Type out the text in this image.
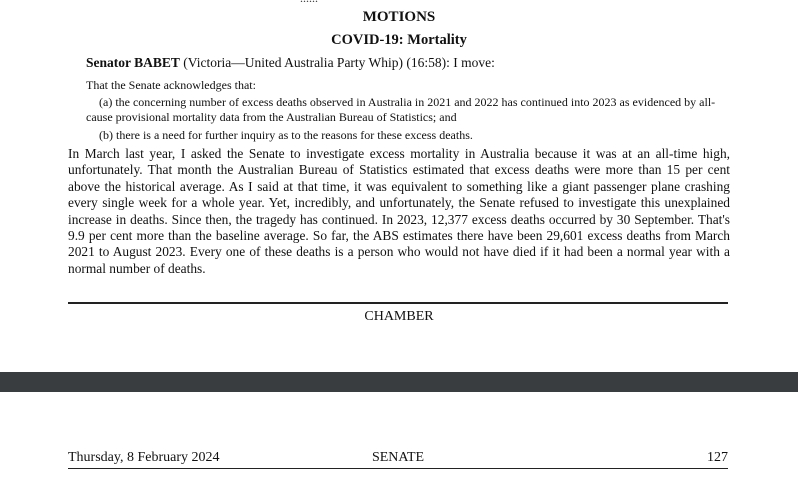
MOTIONS
COVID-19: Mortality
Senator BABET (Victoria—United Australia Party Whip) (16:58): I move:
That the Senate acknowledges that:
(a) the concerning number of excess deaths observed in Australia in 2021 and 2022 has continued into 2023 as evidenced by all-cause provisional mortality data from the Australian Bureau of Statistics; and
(b) there is a need for further inquiry as to the reasons for these excess deaths.
In March last year, I asked the Senate to investigate excess mortality in Australia because it was at an all-time high, unfortunately. That month the Australian Bureau of Statistics estimated that excess deaths were more than 15 per cent above the historical average. As I said at that time, it was equivalent to something like a giant passenger plane crashing every single week for a whole year. Yet, incredibly, and unfortunately, the Senate refused to investigate this unexplained increase in deaths. Since then, the tragedy has continued. In 2023, 12,377 excess deaths occurred by 30 September. That's 9.9 per cent more than the baseline average. So far, the ABS estimates there have been 29,601 excess deaths from March 2021 to August 2023. Every one of these deaths is a person who would not have died if it had been a normal year with a normal number of deaths.
CHAMBER
Thursday, 8 February 2024	SENATE	127
